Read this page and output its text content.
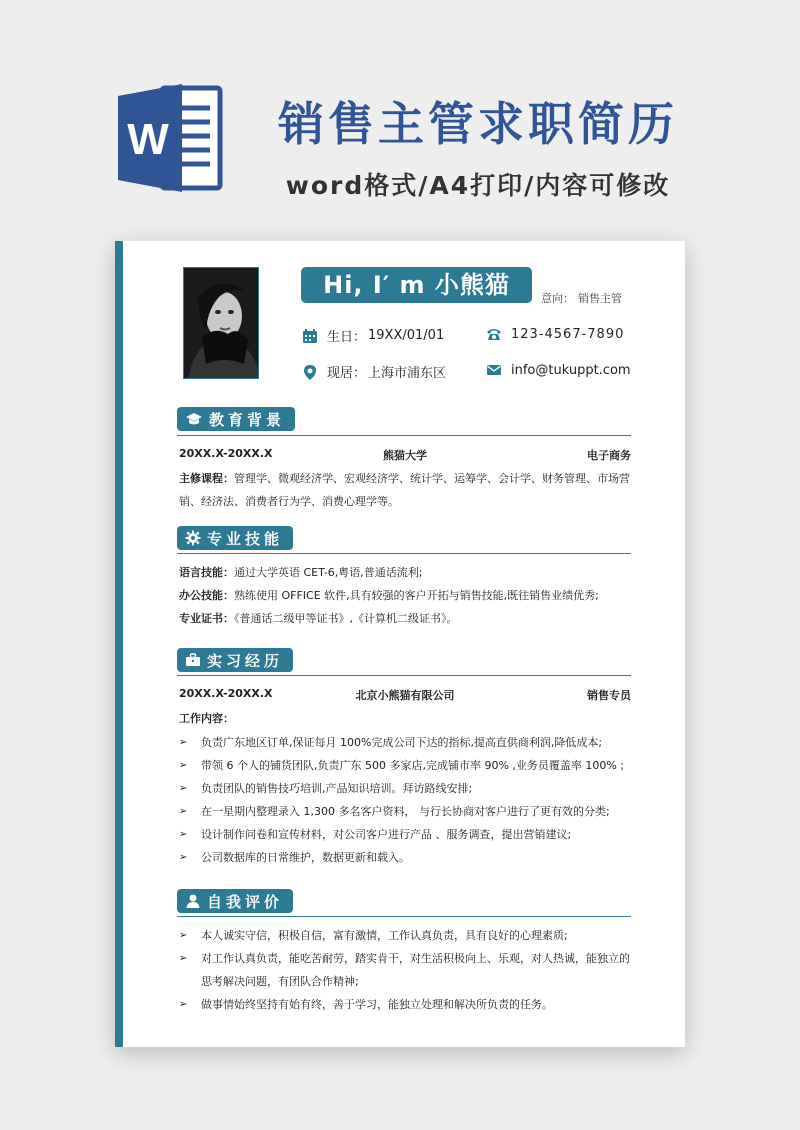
W 销售主管求职简历
word格式/A4打印/内容可修改
Hi, I′ m 小熊猫	意向： 销售主管
生日： 19XX/01/01	123-4567-7890
现居： 上海市浦东区	info@tukuppt.com
教育背景
20XX.X-20XX.X	熊猫大学	电子商务
主修课程：管理学、微观经济学、宏观经济学、统计学、运筹学、会计学、财务管理、市场营销、经济法、消费者行为学、消费心理学等。
专业技能
语言技能：通过大学英语 CET-6,粤语,普通话流利;
办公技能：熟练使用 OFFICE 软件,具有较强的客户开拓与销售技能,既往销售业绩优秀;
专业证书：《普通话二级甲等证书》,《计算机二级证书》。
实习经历
20XX.X-20XX.X	北京小熊猫有限公司	销售专员
工作内容：
➢	负责广东地区订单,保证每月 100%完成公司下达的指标,提高直供商利润,降低成本;
➢	带领 6 个人的铺货团队,负责广东 500 多家店,完成铺市率 90% ,业务员覆盖率 100% ;
➢	负责团队的销售技巧培训,产品知识培训。拜访路线安排;
➢	在一星期内整理录入 1,300 多名客户资料， 与行长协商对客户进行了更有效的分类;
➢	设计制作问卷和宣传材料，对公司客户进行产品 、服务调查，提出营销建议;
➢	公司数据库的日常维护，数据更新和载入。
自我评价
➢	本人诚实守信，积极自信，富有激情，工作认真负责，具有良好的心理素质;
➢	对工作认真负责，能吃苦耐劳，踏实肯干，对生活积极向上、乐观，对人热诚，能独立的思考解决问题，有团队合作精神;
➢	做事情始终坚持有始有终，善于学习，能独立处理和解决所负责的任务。
